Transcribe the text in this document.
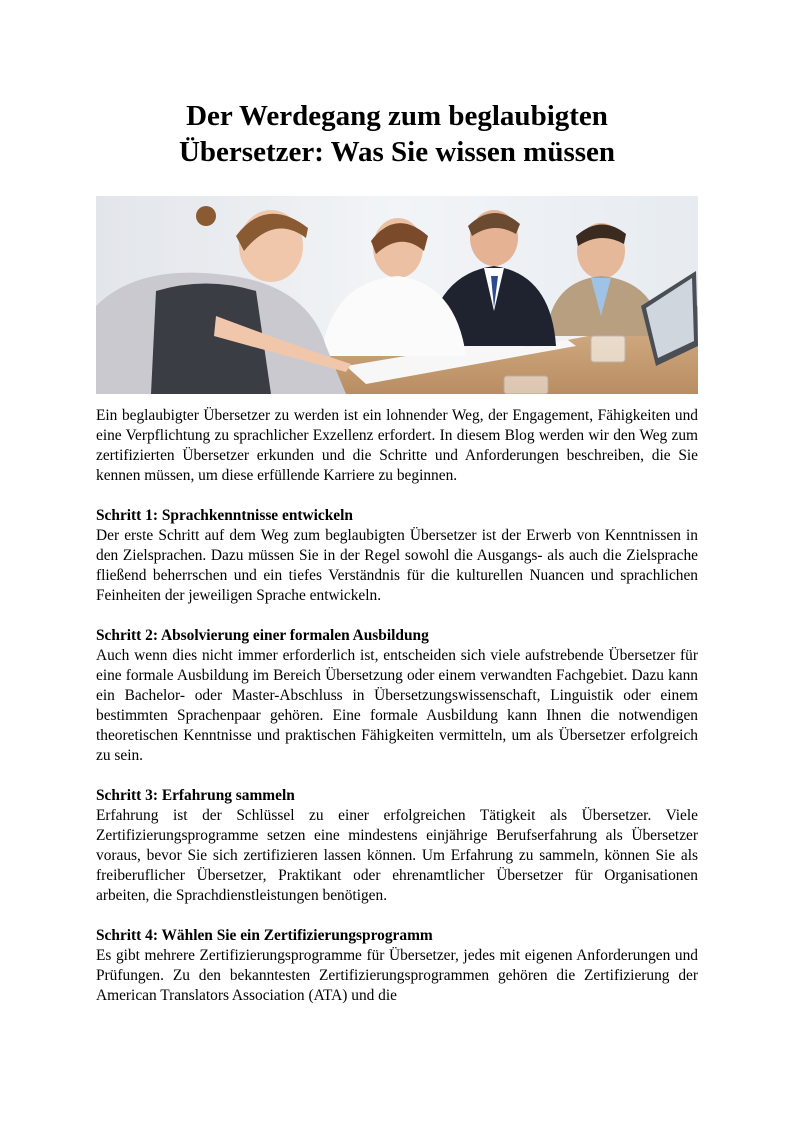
Der Werdegang zum beglaubigten
Übersetzer: Was Sie wissen müssen

Ein beglaubigter Übersetzer zu werden ist ein lohnender Weg, der Engagement, Fähigkeiten und eine Verpflichtung zu sprachlicher Exzellenz erfordert. In diesem Blog werden wir den Weg zum zertifizierten Übersetzer erkunden und die Schritte und Anforderungen beschreiben, die Sie kennen müssen, um diese erfüllende Karriere zu beginnen.

Schritt 1: Sprachkenntnisse entwickeln

Der erste Schritt auf dem Weg zum beglaubigten Übersetzer ist der Erwerb von Kenntnissen in den Zielsprachen. Dazu müssen Sie in der Regel sowohl die Ausgangs- als auch die Zielsprache fließend beherrschen und ein tiefes Verständnis für die kulturellen Nuancen und sprachlichen Feinheiten der jeweiligen Sprache entwickeln.

Schritt 2: Absolvierung einer formalen Ausbildung

Auch wenn dies nicht immer erforderlich ist, entscheiden sich viele aufstrebende Übersetzer für eine formale Ausbildung im Bereich Übersetzung oder einem verwandten Fachgebiet. Dazu kann ein Bachelor- oder Master-Abschluss in Übersetzungswissenschaft, Linguistik oder einem bestimmten Sprachenpaar gehören. Eine formale Ausbildung kann Ihnen die notwendigen theoretischen Kenntnisse und praktischen Fähigkeiten vermitteln, um als Übersetzer erfolgreich zu sein.

Schritt 3: Erfahrung sammeln

Erfahrung ist der Schlüssel zu einer erfolgreichen Tätigkeit als Übersetzer. Viele Zertifizierungsprogramme setzen eine mindestens einjährige Berufserfahrung als Übersetzer voraus, bevor Sie sich zertifizieren lassen können. Um Erfahrung zu sammeln, können Sie als freiberuflicher Übersetzer, Praktikant oder ehrenamtlicher Übersetzer für Organisationen arbeiten, die Sprachdienstleistungen benötigen.

Schritt 4: Wählen Sie ein Zertifizierungsprogramm

Es gibt mehrere Zertifizierungsprogramme für Übersetzer, jedes mit eigenen Anforderungen und Prüfungen. Zu den bekanntesten Zertifizierungsprogrammen gehören die Zertifizierung der American Translators Association (ATA) und die
